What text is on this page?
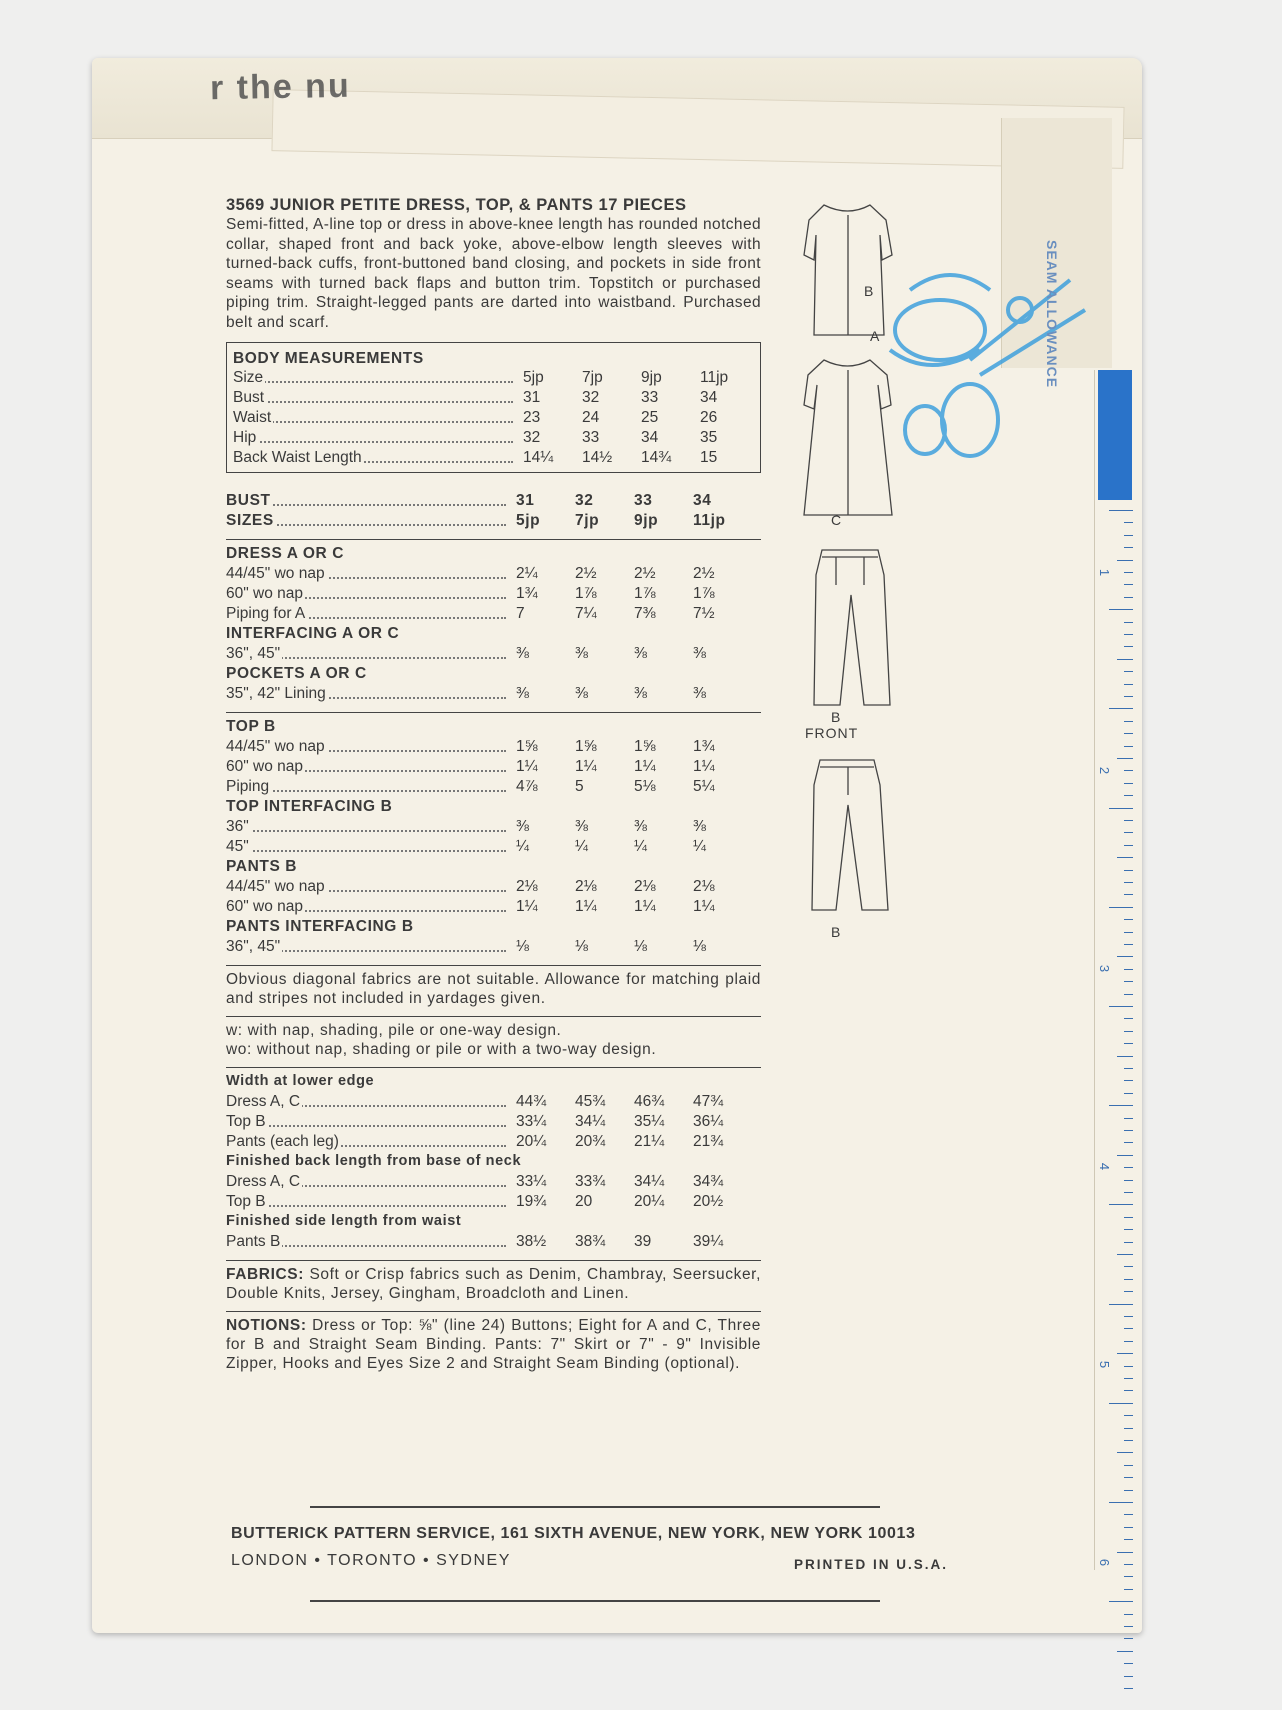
r the nu
3569 JUNIOR PETITE DRESS, TOP, & PANTS 17 PIECES
Semi-fitted, A-line top or dress in above-knee length has rounded notched collar, shaped front and back yoke, above-elbow length sleeves with turned-back cuffs, front-buttoned band closing, and pockets in side front seams with turned back flaps and button trim. Topstitch or purchased piping trim. Straight-legged pants are darted into waistband. Purchased belt and scarf.
BODY MEASUREMENTS
Size	5jp	7jp	9jp	11jp
Bust	31	32	33	34
Waist	23	24	25	26
Hip	32	33	34	35
Back Waist Length	14¼	14½	14¾	15
BUST	31	32	33	34
SIZES	5jp	7jp	9jp	11jp
DRESS A OR C
44/45" wo nap	2¼	2½	2½	2½
60" wo nap	1¾	1⅞	1⅞	1⅞
Piping for A	7	7¼	7⅜	7½
INTERFACING A OR C
36", 45"	⅜	⅜	⅜	⅜
POCKETS A OR C
35", 42" Lining	⅜	⅜	⅜	⅜
TOP B
44/45" wo nap	1⅝	1⅝	1⅝	1¾
60" wo nap	1¼	1¼	1¼	1¼
Piping	4⅞	5	5⅛	5¼
TOP INTERFACING B
36"	⅜	⅜	⅜	⅜
45"	¼	¼	¼	¼
PANTS B
44/45" wo nap	2⅛	2⅛	2⅛	2⅛
60" wo nap	1¼	1¼	1¼	1¼
PANTS INTERFACING B
36", 45"	⅛	⅛	⅛	⅛
Obvious diagonal fabrics are not suitable. Allowance for matching plaid and stripes not included in yardages given.
w: with nap, shading, pile or one-way design.
wo: without nap, shading or pile or with a two-way design.
Width at lower edge
Dress A, C	44¾	45¾	46¾	47¾
Top B	33¼	34¼	35¼	36¼
Pants (each leg)	20¼	20¾	21¼	21¾
Finished back length from base of neck
Dress A, C	33¼	33¾	34¼	34¾
Top B	19¾	20	20¼	20½
Finished side length from waist
Pants B	38½	38¾	39	39¼
FABRICS: Soft or Crisp fabrics such as Denim, Chambray, Seersucker, Double Knits, Jersey, Gingham, Broadcloth and Linen.
NOTIONS: Dress or Top: ⅝" (line 24) Buttons; Eight for A and C, Three for B and Straight Seam Binding. Pants: 7" Skirt or 7" - 9" Invisible Zipper, Hooks and Eyes Size 2 and Straight Seam Binding (optional).
BUTTERICK PATTERN SERVICE, 161 SIXTH AVENUE, NEW YORK, NEW YORK 10013
LONDON • TORONTO • SYDNEY	PRINTED IN U.S.A.
B
A
C
B
FRONT
B
1
2
3
4
5
6
SEAM ALLOWANCE
